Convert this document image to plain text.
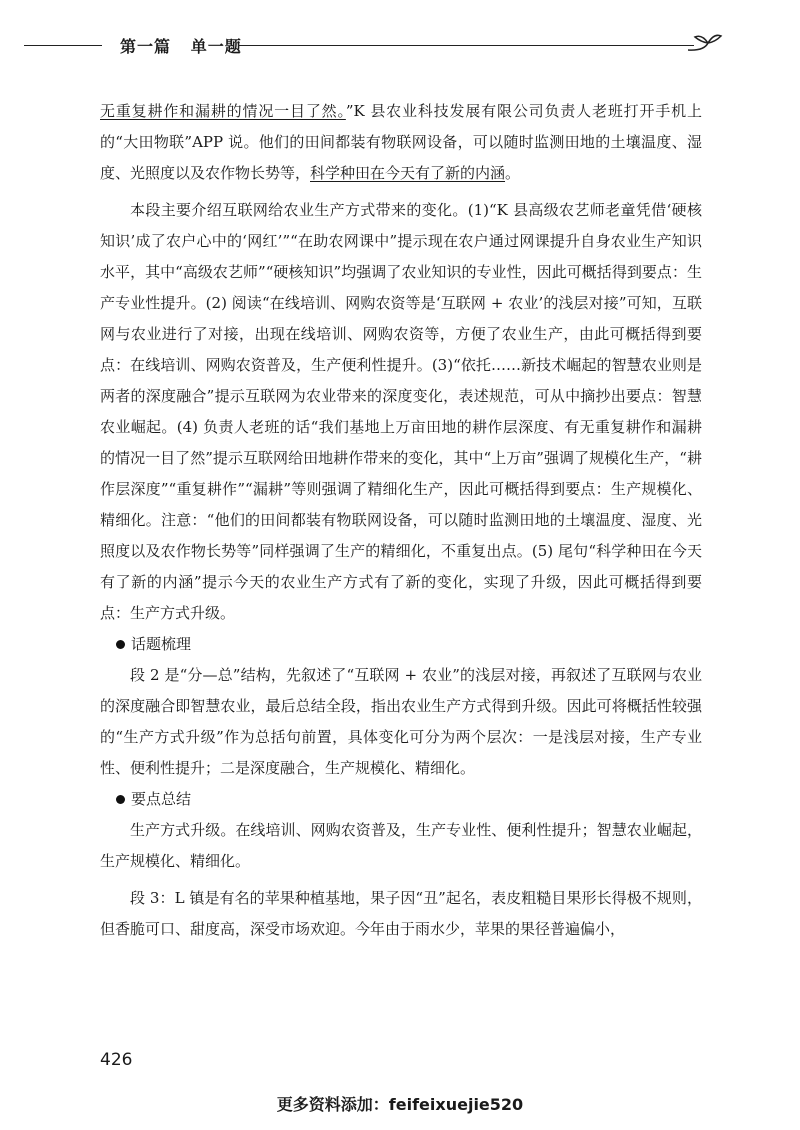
第一篇 单一题

无重复耕作和漏耕的情况一目了然。”K 县农业科技发展有限公司负责人老班打开手机上的“大田物联”APP 说。他们的田间都装有物联网设备，可以随时监测田地的土壤温度、湿度、光照度以及农作物长势等，科学种田在今天有了新的内涵。

本段主要介绍互联网给农业生产方式带来的变化。(1)“K 县高级农艺师老童凭借‘硬核知识’成了农户心中的‘网红’”“在助农网课中”提示现在农户通过网课提升自身农业生产知识水平，其中“高级农艺师”“硬核知识”均强调了农业知识的专业性，因此可概括得到要点：生产专业性提升。(2) 阅读“在线培训、网购农资等是‘互联网 + 农业’的浅层对接”可知，互联网与农业进行了对接，出现在线培训、网购农资等，方便了农业生产，由此可概括得到要点：在线培训、网购农资普及，生产便利性提升。(3)“依托……新技术崛起的智慧农业则是两者的深度融合”提示互联网为农业带来的深度变化，表述规范，可从中摘抄出要点：智慧农业崛起。(4) 负责人老班的话“我们基地上万亩田地的耕作层深度、有无重复耕作和漏耕的情况一目了然”提示互联网给田地耕作带来的变化，其中“上万亩”强调了规模化生产，“耕作层深度”“重复耕作”“漏耕”等则强调了精细化生产，因此可概括得到要点：生产规模化、精细化。注意：“他们的田间都装有物联网设备，可以随时监测田地的土壤温度、湿度、光照度以及农作物长势等”同样强调了生产的精细化，不重复出点。(5) 尾句“科学种田在今天有了新的内涵”提示今天的农业生产方式有了新的变化，实现了升级，因此可概括得到要点：生产方式升级。

话题梳理

段 2 是“分—总”结构，先叙述了“互联网 + 农业”的浅层对接，再叙述了互联网与农业的深度融合即智慧农业，最后总结全段，指出农业生产方式得到升级。因此可将概括性较强的“生产方式升级”作为总括句前置，具体变化可分为两个层次：一是浅层对接，生产专业性、便利性提升；二是深度融合，生产规模化、精细化。

要点总结

生产方式升级。在线培训、网购农资普及，生产专业性、便利性提升；智慧农业崛起，生产规模化、精细化。

段 3：L 镇是有名的苹果种植基地，果子因“丑”起名，表皮粗糙目果形长得极不规则，但香脆可口、甜度高，深受市场欢迎。今年由于雨水少，苹果的果径普遍偏小，

426
更多资料添加：feifeixuejie520
